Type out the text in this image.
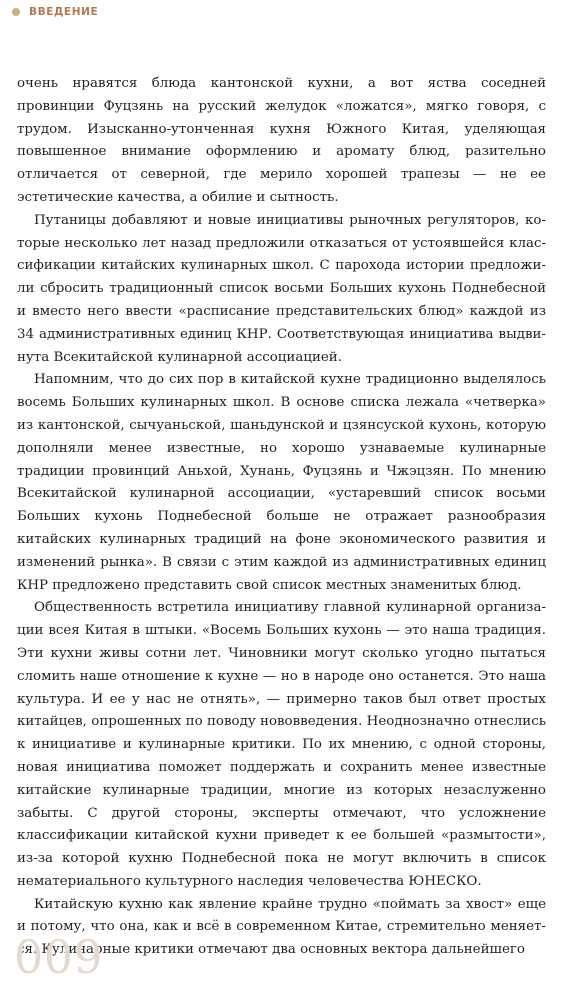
ВВЕДЕНИЕ

очень нравятся блюда кантонской кухни, а вот яства соседней провинции Фуцзянь на русский желудок «ложатся», мягко говоря, с трудом. Изысканно-утонченная кухня Южного Китая, уделяющая повышенное внимание оформлению и аромату блюд, разительно отличается от северной, где мерило хорошей трапезы — не ее эстетические качества, а обилие и сытность.

Путаницы добавляют и новые инициативы рыночных регуляторов, которые несколько лет назад предложили отказаться от устоявшейся классификации китайских кулинарных школ. С парохода истории предложили сбросить традиционный список восьми Больших кухонь Поднебесной и вместо него ввести «расписание представительских блюд» каждой из 34 административных единиц КНР. Соответствующая инициатива выдвинута Всекитайской кулинарной ассоциацией.

Напомним, что до сих пор в китайской кухне традиционно выделялось восемь Больших кулинарных школ. В основе списка лежала «четверка» из кантонской, сычуаньской, шаньдунской и цзянсуской кухонь, которую дополняли менее известные, но хорошо узнаваемые кулинарные традиции провинций Аньхой, Хунань, Фуцзянь и Чжэцзян. По мнению Всекитайской кулинарной ассоциации, «устаревший список восьми Больших кухонь Поднебесной больше не отражает разнообразия китайских кулинарных традиций на фоне экономического развития и изменений рынка». В связи с этим каждой из административных единиц КНР предложено представить свой список местных знаменитых блюд.

Общественность встретила инициативу главной кулинарной организации всея Китая в штыки. «Восемь Больших кухонь — это наша традиция. Эти кухни живы сотни лет. Чиновники могут сколько угодно пытаться сломить наше отношение к кухне — но в народе оно останется. Это наша культура. И ее у нас не отнять», — примерно таков был ответ простых китайцев, опрошенных по поводу нововведения. Неоднозначно отнеслись к инициативе и кулинарные критики. По их мнению, с одной стороны, новая инициатива поможет поддержать и сохранить менее известные китайские кулинарные традиции, многие из которых незаслуженно забыты. С другой стороны, эксперты отмечают, что усложнение классификации китайской кухни приведет к ее большей «размытости», из-за которой кухню Поднебесной пока не могут включить в список нематериального культурного наследия человечества ЮНЕСКО.

Китайскую кухню как явление крайне трудно «поймать за хвост» еще и потому, что она, как и всё в современном Китае, стремительно меняется. Кулинарные критики отмечают два основных вектора дальнейшего

009
